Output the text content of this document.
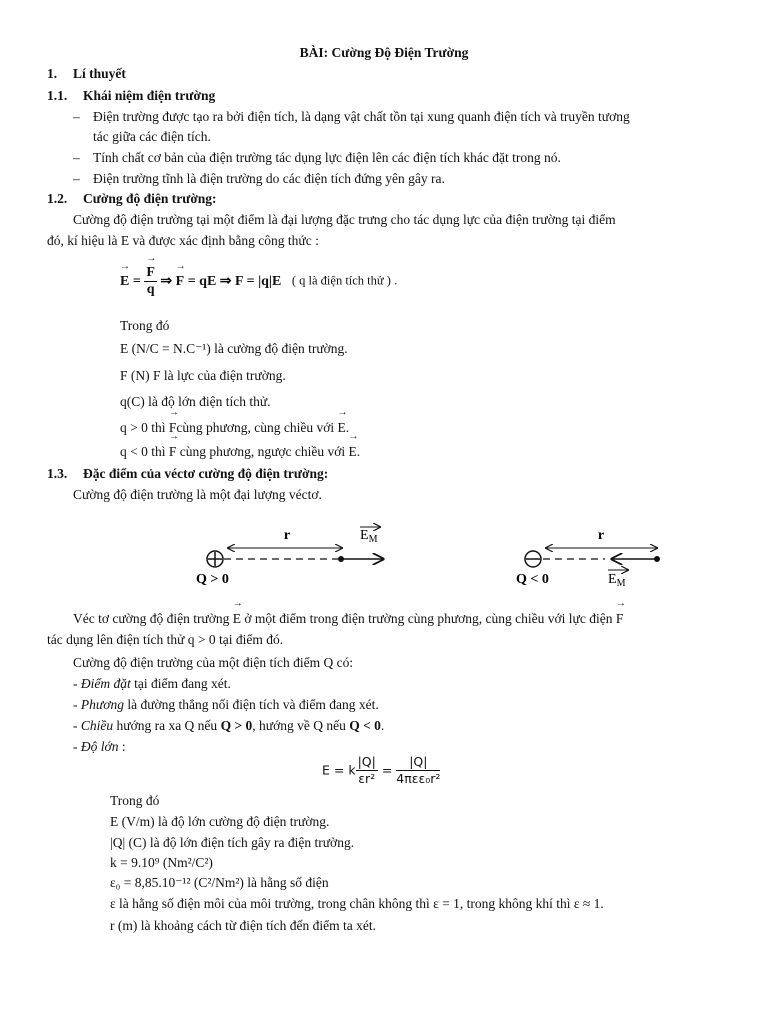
BÀI: Cường Độ Điện Trường
1. Lí thuyết
1.1. Khái niệm điện trường
– Điện trường được tạo ra bởi điện tích, là dạng vật chất tồn tại xung quanh điện tích và truyền tương
tác giữa các điện tích.
– Tính chất cơ bản của điện trường tác dụng lực điện lên các điện tích khác đặt trong nó.
– Điện trường tĩnh là điện trường do các điện tích đứng yên gây ra.
1.2. Cường độ điện trường:
Cường độ điện trường tại một điểm là đại lượng đặc trưng cho tác dụng lực của điện trường tại điểm
đó, kí hiệu là E và được xác định bằng công thức :
→ E = → $\frac{F}{q}$ ⇒ → F = qE ⇒ F = |q|E ( q là điện tích thử ) .
Trong đó
E (N/C = N.C⁻¹) là cường độ điện trường.
F (N) F là lực của điện trường.
q(C) là độ lớn điện tích thử.
q > 0 thì → Fcùng phương, cùng chiều với → E.
q < 0 thì → F cùng phương, ngược chiều với → E.
1.3. Đặc điểm của véctơ cường độ điện trường:
Cường độ điện trường là một đại lượng véctơ.
r	$E_M$
Q > 0
r
$E_M$
Q < 0
Véc tơ cường độ điện trường → E ở một điểm trong điện trường cùng phương, cùng chiều với lực điện → F
tác dụng lên điện tích thử q > 0 tại điểm đó.
Cường độ điện trường của một điện tích điểm Q có:
- Điểm đặt tại điểm đang xét.
- Phương là đường thẳng nối điện tích và điểm đang xét.
- Chiều hướng ra xa Q nếu Q > 0, hướng về Q nếu Q < 0.
- Độ lớn :
E = k $\frac{|Q|}{\text{εr²}} = \frac{|Q|}{\text{4πεε₀r²}}$
Trong đó
E (V/m) là độ lớn cường độ điện trường.
|Q| (C) là độ lớn điện tích gây ra điện trường.
k = 9.10⁹ (Nm²/C²)
ε₀ = 8,85.10⁻¹² (C²/Nm²) là hằng số điện
ε là hằng số điện môi của môi trường, trong chân không thì ε = 1, trong không khí thì ε ≈ 1.
r (m) là khoảng cách từ điện tích đến điểm ta xét.
